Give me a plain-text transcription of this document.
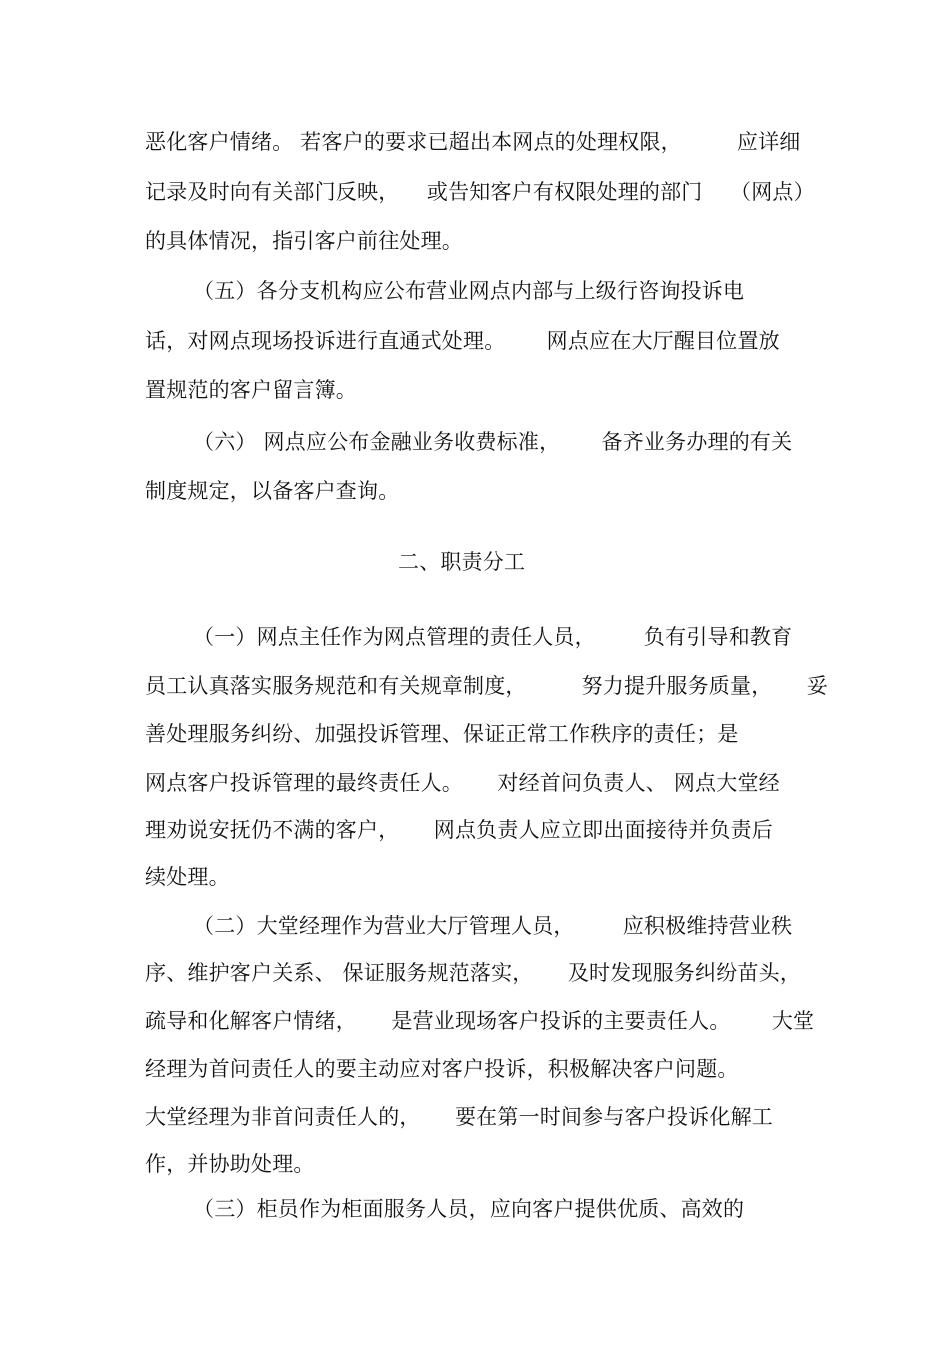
恶化客户情绪。 若客户的要求已超出本网点的处理权限，        应详细
记录及时向有关部门反映，    或告知客户有权限处理的部门    （网点）
的具体情况，指引客户前往处理。
（五）各分支机构应公布营业网点内部与上级行咨询投诉电
话，对网点现场投诉进行直通式处理。      网点应在大厅醒目位置放
置规范的客户留言簿。
（六） 网点应公布金融业务收费标准，      备齐业务办理的有关
制度规定，以备客户查询。
二、职责分工
（一）网点主任作为网点管理的责任人员，       负有引导和教育
员工认真落实服务规范和有关规章制度，        努力提升服务质量，     妥
善处理服务纠纷、加强投诉管理、保证正常工作秩序的责任；是
网点客户投诉管理的最终责任人。     对经首问负责人、 网点大堂经
理劝说安抚仍不满的客户，     网点负责人应立即出面接待并负责后
续处理。
（二）大堂经理作为营业大厅管理人员，       应积极维持营业秩
序、维护客户关系、 保证服务规范落实，     及时发现服务纠纷苗头，
疏导和化解客户情绪，     是营业现场客户投诉的主要责任人。      大堂
经理为首问责任人的要主动应对客户投诉，积极解决客户问题。
大堂经理为非首问责任人的，     要在第一时间参与客户投诉化解工
作，并协助处理。
（三）柜员作为柜面服务人员，应向客户提供优质、高效的
